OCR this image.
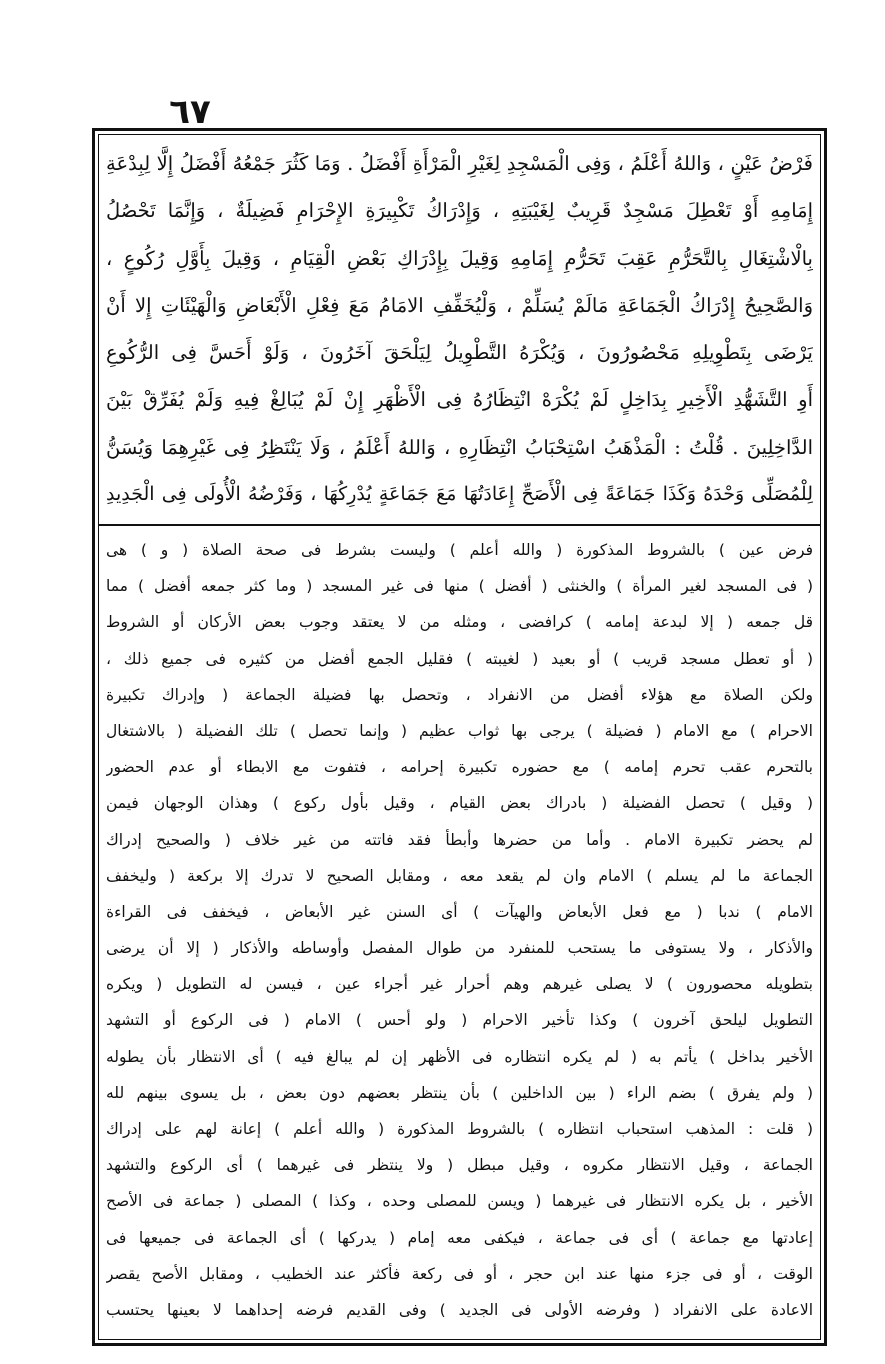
٦٧
فَرْضُ عَيْنٍ ، وَاللهُ أَعْلَمُ ، وَفِى الْمَسْجِدِ لِغَيْرِ الْمَرْأَةِ أَفْضَلُ . وَمَا كَثُرَ جَمْعُهُ أَفْضَلُ إِلَّا لِبِدْعَةِ
إِمَامِهِ أَوْ تَعْطِلَ مَسْجِدٌ قَرِيبٌ لِغَيْبَتِهِ ، وَإِدْرَاكُ تَكْبِيرَةِ الإِحْرَامِ فَضِيلَةٌ ، وَإِنَّمَا تَحْصُلُ
بِالْاشْتِغَالِ بِالتَّحَرُّمِ عَقِبَ تَحَرُّمِ إِمَامِهِ وَقِيلَ بِإِدْرَاكِ بَعْضِ الْقِيَامِ ، وَقِيلَ بِأَوَّلِ رُكُوعٍ ،
وَالصَّحِيحُ إِدْرَاكُ الْجَمَاعَةِ مَالَمْ يُسَلِّمْ ، وَلْيُخَفِّفِ الامَامُ مَعَ فِعْلِ الْأَبْعَاضِ وَالْهَيْئَاتِ إِلا أَنْ
يَرْضَى بِتَطْوِيلِهِ مَحْصُورُونَ ، وَيُكْرَهُ التَّطْوِيلُ لِيَلْحَقَ آخَرُونَ ، وَلَوْ أَحَسَّ فِى الرُّكُوعِ
أَوِ التَّشَهُّدِ الْأَخِيرِ بِدَاخِلٍ لَمْ يُكْرَهْ انْتِظَارُهُ فِى الْأَظْهَرِ إِنْ لَمْ يُبَالِغْ فِيهِ وَلَمْ يُفَرِّقْ بَيْنَ
الدَّاخِلِينَ . قُلْتُ : الْمَذْهَبُ اسْتِحْبَابُ انْتِظَارِهِ ، وَاللهُ أَعْلَمُ ، وَلَا يَنْتَظِرُ فِى غَيْرِهِمَا وَيُسَنُّ
لِلْمُصَلِّى وَحْدَهُ وَكَذَا جَمَاعَةً فِى الْأَصَحِّ إِعَادَتُهَا مَعَ جَمَاعَةٍ يُدْرِكُهَا ، وَفَرْضُهُ الْأُولَى فِى الْجَدِيدِ
فرض عين ) بالشروط المذكورة ( والله أعلم ) وليست بشرط فى صحة الصلاة ( و ) هى
( فى المسجد لغير المرأة ) والخنثى ( أفضل ) منها فى غير المسجد ( وما كثر جمعه أفضل ) مما
قل جمعه ( إلا لبدعة إمامه ) كرافضى ، ومثله من لا يعتقد وجوب بعض الأركان أو الشروط
( أو تعطل مسجد قريب ) أو بعيد ( لغيبته ) فقليل الجمع أفضل من كثيره فى جميع ذلك ،
ولكن الصلاة مع هؤلاء أفضل من الانفراد ، وتحصل بها فضيلة الجماعة ( وإدراك تكبيرة
الاحرام ) مع الامام ( فضيلة ) يرجى بها ثواب عظيم ( وإنما تحصل ) تلك الفضيلة ( بالاشتغال
بالتحرم عقب تحرم إمامه ) مع حضوره تكبيرة إحرامه ، فتفوت مع الابطاء أو عدم الحضور
( وقيل ) تحصل الفضيلة ( بادراك بعض القيام ، وقيل بأول ركوع ) وهذان الوجهان فيمن
لم يحضر تكبيرة الامام . وأما من حضرها وأبطأ فقد فاتته من غير خلاف ( والصحيح إدراك
الجماعة ما لم يسلم ) الامام وان لم يقعد معه ، ومقابل الصحيح لا تدرك إلا بركعة ( وليخفف
الامام ) ندبا ( مع فعل الأبعاض والهيآت ) أى السنن غير الأبعاض ، فيخفف فى القراءة
والأذكار ، ولا يستوفى ما يستحب للمنفرد من طوال المفصل وأوساطه والأذكار ( إلا أن يرضى
بتطويله محصورون ) لا يصلى غيرهم وهم أحرار غير أجراء عين ، فيسن له التطويل ( ويكره
التطويل ليلحق آخرون ) وكذا تأخير الاحرام ( ولو أحس ) الامام ( فى الركوع أو التشهد
الأخير بداخل ) يأتم به ( لم يكره انتظاره فى الأظهر إن لم يبالغ فيه ) أى الانتظار بأن يطوله
( ولم يفرق ) بضم الراء ( بين الداخلين ) بأن ينتظر بعضهم دون بعض ، بل يسوى بينهم لله
( قلت : المذهب استحباب انتظاره ) بالشروط المذكورة ( والله أعلم ) إعانة لهم على إدراك
الجماعة ، وقيل الانتظار مكروه ، وقيل مبطل ( ولا ينتظر فى غيرهما ) أى الركوع والتشهد
الأخير ، بل يكره الانتظار فى غيرهما ( ويسن للمصلى وحده ، وكذا ) المصلى ( جماعة فى الأصح
إعادتها مع جماعة ) أى فى جماعة ، فيكفى معه إمام ( يدركها ) أى الجماعة فى جميعها فى
الوقت ، أو فى جزء منها عند ابن حجر ، أو فى ركعة فأكثر عند الخطيب ، ومقابل الأصح يقصر
الاعادة على الانفراد ( وفرضه الأولى فى الجديد ) وفى القديم فرضه إحداهما لا بعينها يحتسب
